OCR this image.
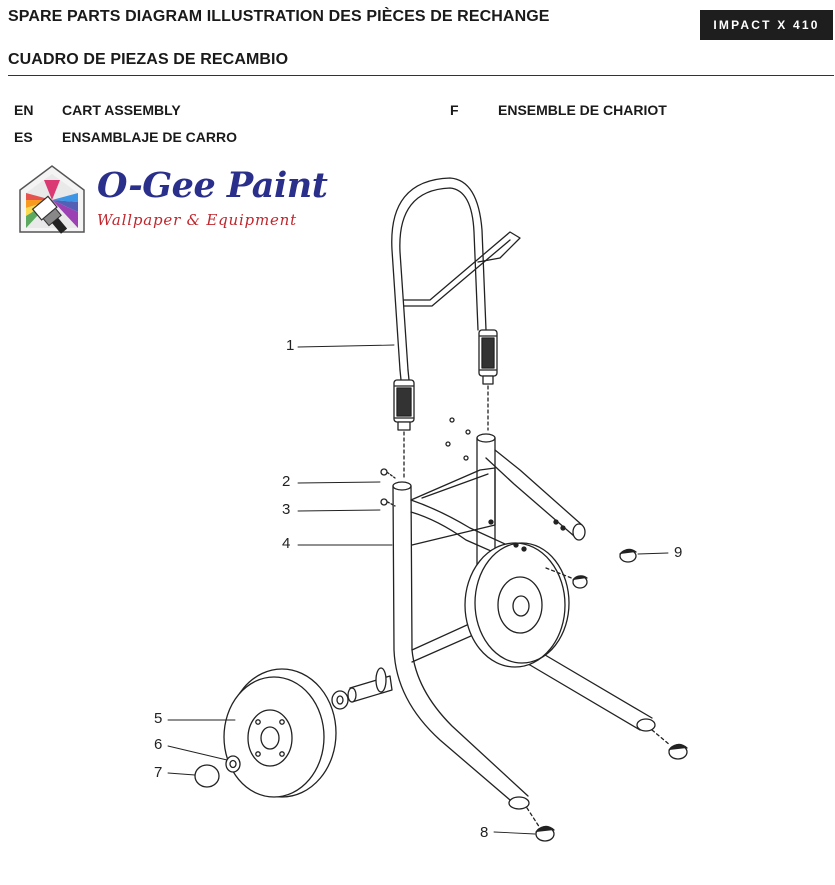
SPARE PARTS DIAGRAM ILLUSTRATION DES PIÈCES DE RECHANGE	IMPACT X 410
CUADRO DE PIEZAS DE RECAMBIO
EN CART ASSEMBLY	F	ENSEMBLE DE CHARIOT
ES ENSAMBLAJE DE CARRO
O-Gee Paint
Wallpaper & Equipment
1
2
3
4
5
6
7
8
9
